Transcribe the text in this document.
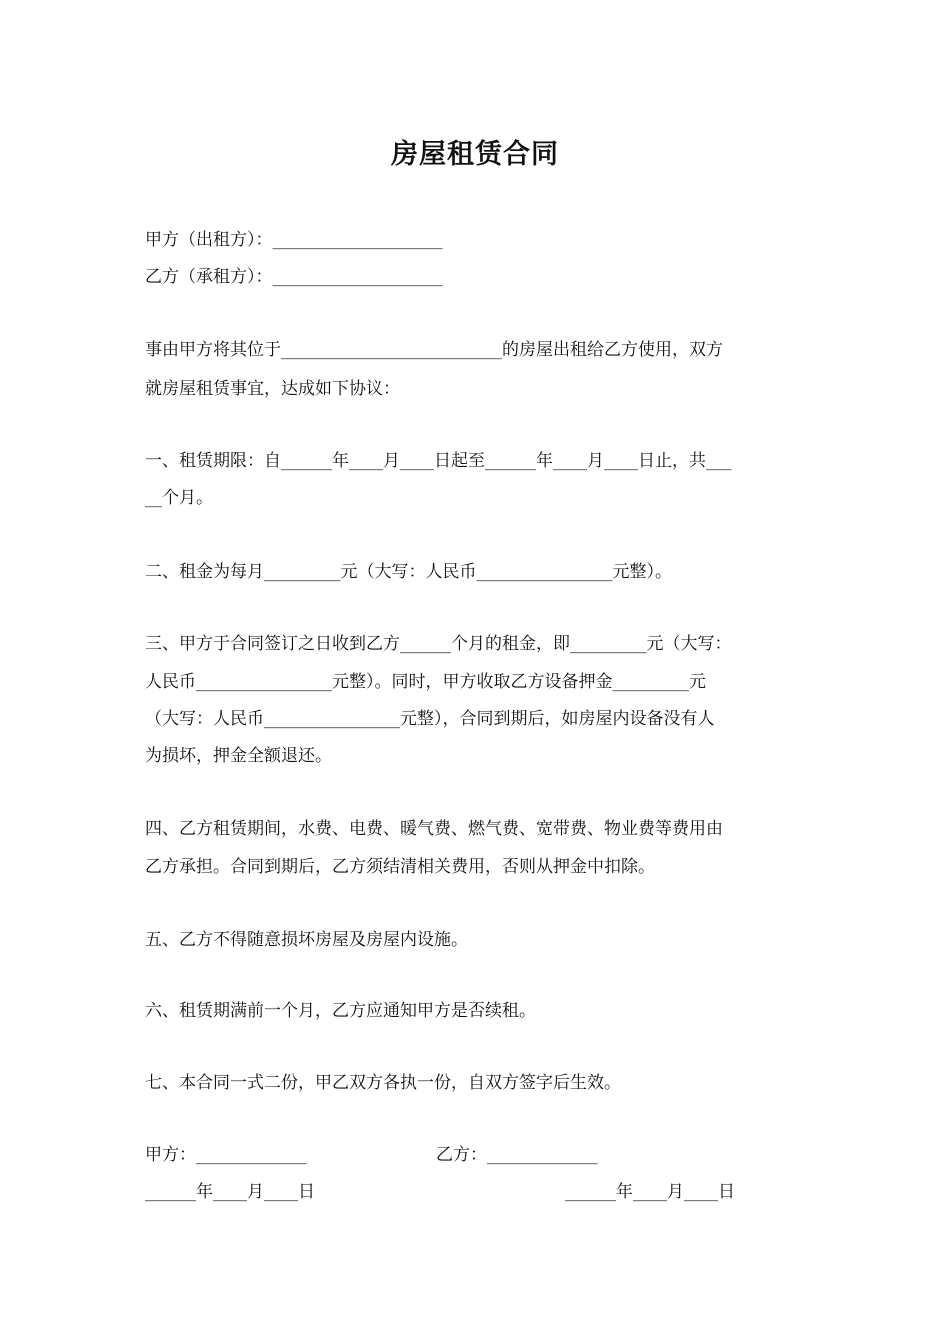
房屋租赁合同
甲方（出租方）：____________________
乙方（承租方）：____________________
事由甲方将其位于__________________________的房屋出租给乙方使用，双方
就房屋租赁事宜，达成如下协议：
一、租赁期限：自______年____月____日起至______年____月____日止，共___
__个月。
二、租金为每月_________元（大写：人民币________________元整）。
三、甲方于合同签订之日收到乙方______个月的租金，即_________元（大写：
人民币________________元整）。同时，甲方收取乙方设备押金_________元
（大写：人民币________________元整），合同到期后，如房屋内设备没有人
为损坏，押金全额退还。
四、乙方租赁期间，水费、电费、暖气费、燃气费、宽带费、物业费等费用由
乙方承担。合同到期后，乙方须结清相关费用，否则从押金中扣除。
五、乙方不得随意损坏房屋及房屋内设施。
六、租赁期满前一个月，乙方应通知甲方是否续租。
七、本合同一式二份，甲乙双方各执一份，自双方签字后生效。
甲方：_____________	乙方：_____________
______年____月____日	______年____月____日
